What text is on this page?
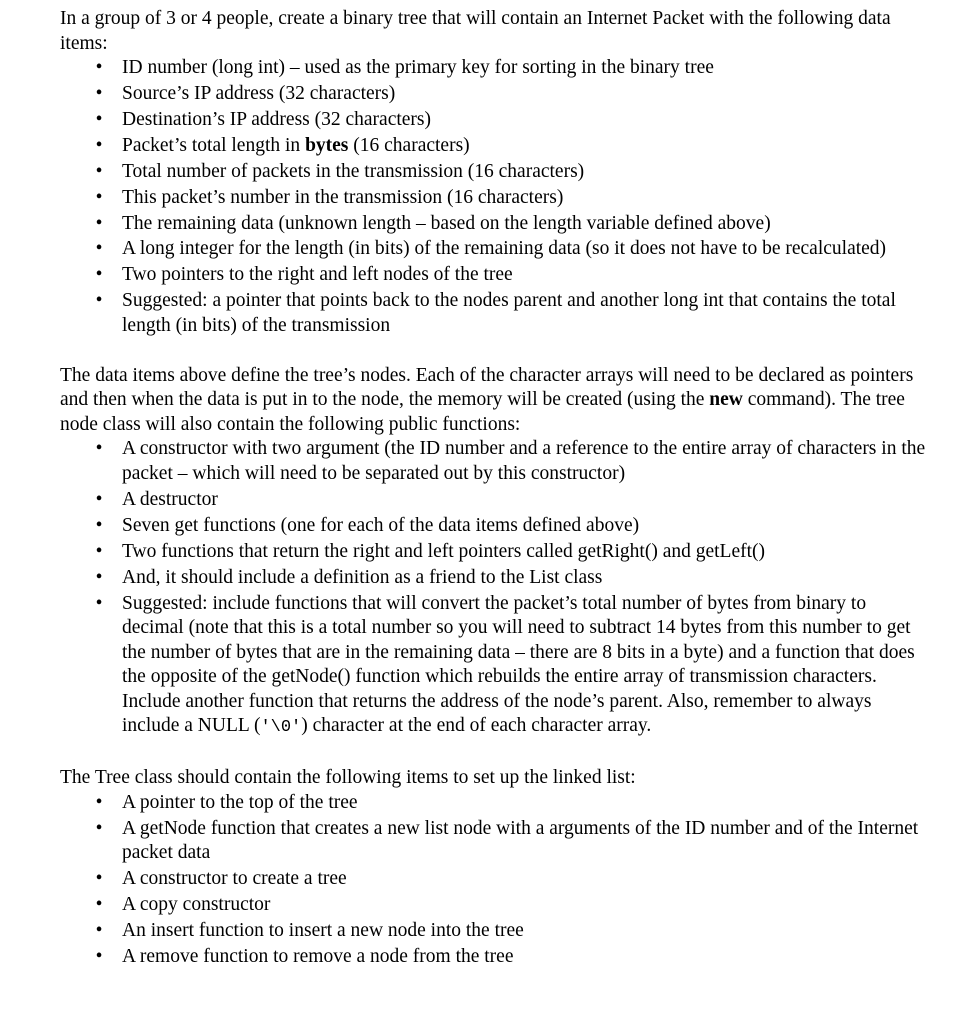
In a group of 3 or 4 people, create a binary tree that will contain an Internet Packet with the following data items:

• ID number (long int) – used as the primary key for sorting in the binary tree
• Source’s IP address (32 characters)
• Destination’s IP address (32 characters)
• Packet’s total length in bytes (16 characters)
• Total number of packets in the transmission (16 characters)
• This packet’s number in the transmission (16 characters)
• The remaining data (unknown length – based on the length variable defined above)
• A long integer for the length (in bits) of the remaining data (so it does not have to be recalculated)
• Two pointers to the right and left nodes of the tree
• Suggested: a pointer that points back to the nodes parent and another long int that contains the total length (in bits) of the transmission

The data items above define the tree’s nodes. Each of the character arrays will need to be declared as pointers and then when the data is put in to the node, the memory will be created (using the new command). The tree node class will also contain the following public functions:

• A constructor with two argument (the ID number and a reference to the entire array of characters in the packet – which will need to be separated out by this constructor)
• A destructor
• Seven get functions (one for each of the data items defined above)
• Two functions that return the right and left pointers called getRight() and getLeft()
• And, it should include a definition as a friend to the List class
• Suggested: include functions that will convert the packet’s total number of bytes from binary to decimal (note that this is a total number so you will need to subtract 14 bytes from this number to get the number of bytes that are in the remaining data – there are 8 bits in a byte) and a function that does the opposite of the getNode() function which rebuilds the entire array of transmission characters. Include another function that returns the address of the node’s parent. Also, remember to always include a NULL ('\0') character at the end of each character array.

The Tree class should contain the following items to set up the linked list:

• A pointer to the top of the tree
• A getNode function that creates a new list node with a arguments of the ID number and of the Internet packet data
• A constructor to create a tree
• A copy constructor
• An insert function to insert a new node into the tree
• A remove function to remove a node from the tree
